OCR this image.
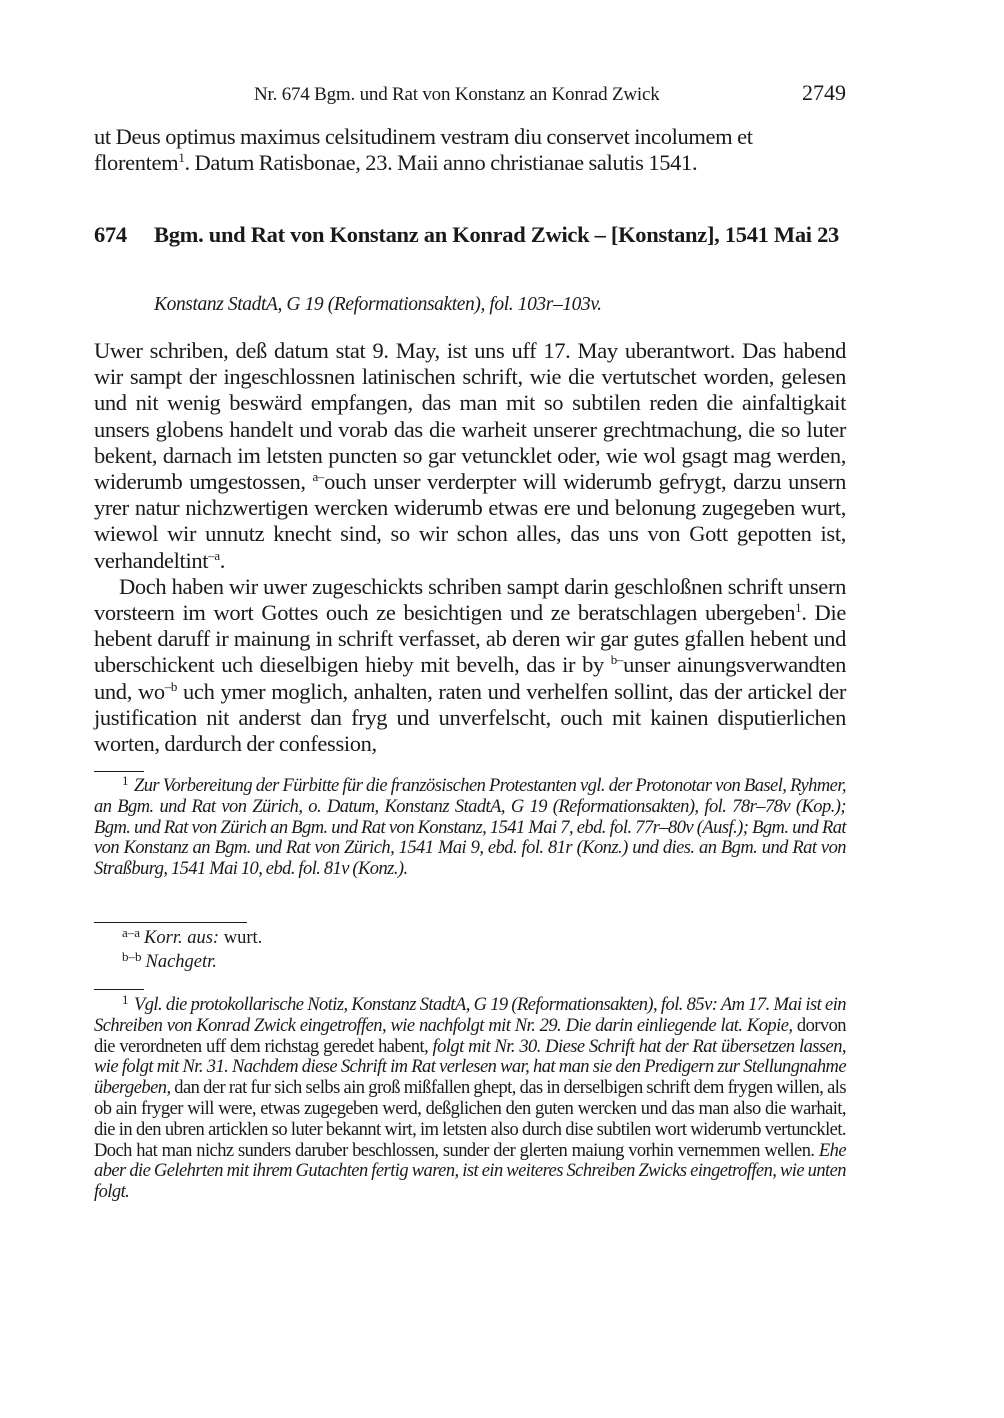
Nr. 674 Bgm. und Rat von Konstanz an Konrad Zwick	2749

ut Deus optimus maximus celsitudinem vestram diu conservet incolumem et

florentem$^1$. Datum Ratisbonae, 23. Maii anno christianae salutis 1541.

674 Bgm. und Rat von Konstanz an Konrad Zwick – [Konstanz], 1541 Mai 23
Konstanz StadtA, G 19 (Reformationsakten), fol. 103r–103v.

Uwer schriben, deß datum stat 9. May, ist uns uff 17. May uberantwort. Das habend wir sampt der ingeschlossnen latinischen schrift, wie die vertutschet worden, gelesen und nit wenig beswärd empfangen, das man mit so subtilen reden die ainfaltigkait unsers globens handelt und vorab das die warheit unserer grechtmachung, die so luter bekent, darnach im letsten puncten so gar vetuncklet oder, wie wol gsagt mag werden, widerumb umgestossen, $^{a-}$ouch unser verderpter will widerumb gefrygt, darzu unsern yrer natur nichzwertigen wercken widerumb etwas ere und belonung zugegeben wurt, wiewol wir unnutz knecht sind, so wir schon alles, das uns von Gott gepotten ist, verhandeltint$^{-a}$.

Doch haben wir uwer zugeschickts schriben sampt darin geschloßnen schrift unsern vorsteern im wort Gottes ouch ze besichtigen und ze beratschlagen ubergeben$^1$. Die hebent daruff ir mainung in schrift verfasset, ab deren wir gar gutes gfallen hebent und uberschickent uch dieselbigen hieby mit bevelh, das ir by $^{b-}$unser ainungsverwandten und, $wo^{-b}$ uch ymer moglich, anhalten, raten und verhelfen sollint, das der artickel der justification nit anderst dan fryg und unverfelscht, ouch mit kainen disputierlichen worten, dardurch der confession,

$^1$ Zur Vorbereitung der Fürbitte für die französischen Protestanten vgl. der Protonotar von Basel, Ryhmer, an Bgm. und Rat von Zürich, o. Datum, Konstanz StadtA, G 19 (Reformationsakten), fol. 78r–78v (Kop.); Bgm. und Rat von Zürich an Bgm. und Rat von Konstanz, 1541 Mai 7, ebd. fol. 77r–80v (Ausf.); Bgm. und Rat von Konstanz an Bgm. und Rat von Zürich, 1541 Mai 9, ebd. fol. 81r (Konz.) und dies. an Bgm. und Rat von Straßburg, 1541 Mai 10, ebd. fol. 81v (Konz.).

$^{a-a}$ Korr. aus: wurt.
$^{b-b}$ Nachgetr.

$^1$ Vgl. die protokollarische Notiz, Konstanz StadtA, G 19 (Reformationsakten), fol. 85v: Am 17. Mai ist ein Schreiben von Konrad Zwick eingetroffen, wie nachfolgt mit Nr. 29. Die darin einliegende lat. Kopie, dorvon die verordneten uff dem richstag geredet habent, folgt mit Nr. 30. Diese Schrift hat der Rat übersetzen lassen, wie folgt mit Nr. 31. Nachdem diese Schrift im Rat verlesen war, hat man sie den Predigern zur Stellungnahme übergeben, dan der rat fur sich selbs ain groß mißfallen ghept, das in derselbigen schrift dem frygen willen, als ob ain fryger will were, etwas zugegeben werd, deßglichen den guten wercken und das man also die warhait, die in den ubren articklen so luter bekannt wirt, im letsten also durch dise subtilen wort widerumb vertuncklet. Doch hat man nichz sunders daruber beschlossen, sunder der glerten maiung vorhin vernemmen wellen. Ehe aber die Gelehrten mit ihrem Gutachten fertig waren, ist ein weiteres Schreiben Zwicks eingetroffen, wie unten folgt.
